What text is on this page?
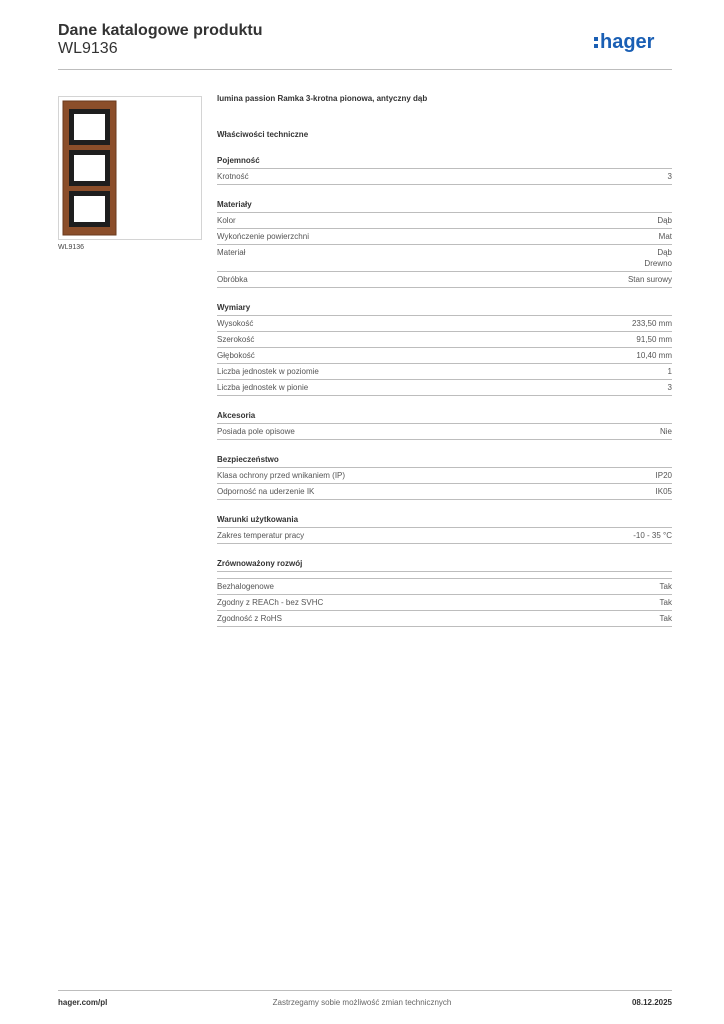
Dane katalogowe produktu
WL9136	hager
WL9136
lumina passion Ramka 3-krotna pionowa, antyczny dąb
Właściwości techniczne
Pojemność
Krotność	3
Materiały
Kolor	Dąb
Wykończenie powierzchni	Mat
Materiał	Dąb
Drewno
Obróbka	Stan surowy
Wymiary
Wysokość	233,50 mm
Szerokość	91,50 mm
Głębokość	10,40 mm
Liczba jednostek w poziomie	1
Liczba jednostek w pionie	3
Akcesoria
Posiada pole opisowe	Nie
Bezpieczeństwo
Klasa ochrony przed wnikaniem (IP)	IP20
Odporność na uderzenie IK	IK05
Warunki użytkowania
Zakres temperatur pracy	-10 - 35 °C
Zrównoważony rozwój
Bezhalogenowe	Tak
Zgodny z REACh - bez SVHC	Tak
Zgodność z RoHS	Tak
hager.com/pl	Zastrzegamy sobie możliwość zmian technicznych	08.12.2025
